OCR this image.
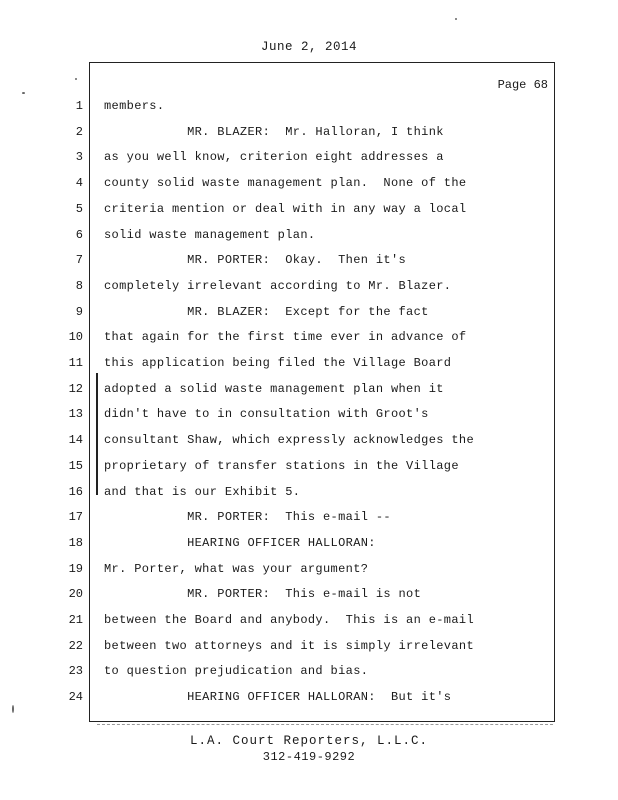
June 2, 2014
Page 68
1 members.
2 MR. BLAZER:  Mr. Halloran, I think
3 as you well know, criterion eight addresses a
4 county solid waste management plan.  None of the
5 criteria mention or deal with in any way a local
6 solid waste management plan.
7 MR. PORTER:  Okay.  Then it's
8 completely irrelevant according to Mr. Blazer.
9 MR. BLAZER:  Except for the fact
10 that again for the first time ever in advance of
11 this application being filed the Village Board
12 adopted a solid waste management plan when it
13 didn't have to in consultation with Groot's
14 consultant Shaw, which expressly acknowledges the
15 proprietary of transfer stations in the Village
16 and that is our Exhibit 5.
17 MR. PORTER:  This e-mail --
18 HEARING OFFICER HALLORAN:
19 Mr. Porter, what was your argument?
20 MR. PORTER:  This e-mail is not
21 between the Board and anybody.  This is an e-mail
22 between two attorneys and it is simply irrelevant
23 to question prejudication and bias.
24 HEARING OFFICER HALLORAN:  But it's
L.A. Court Reporters, L.L.C.
312-419-9292
